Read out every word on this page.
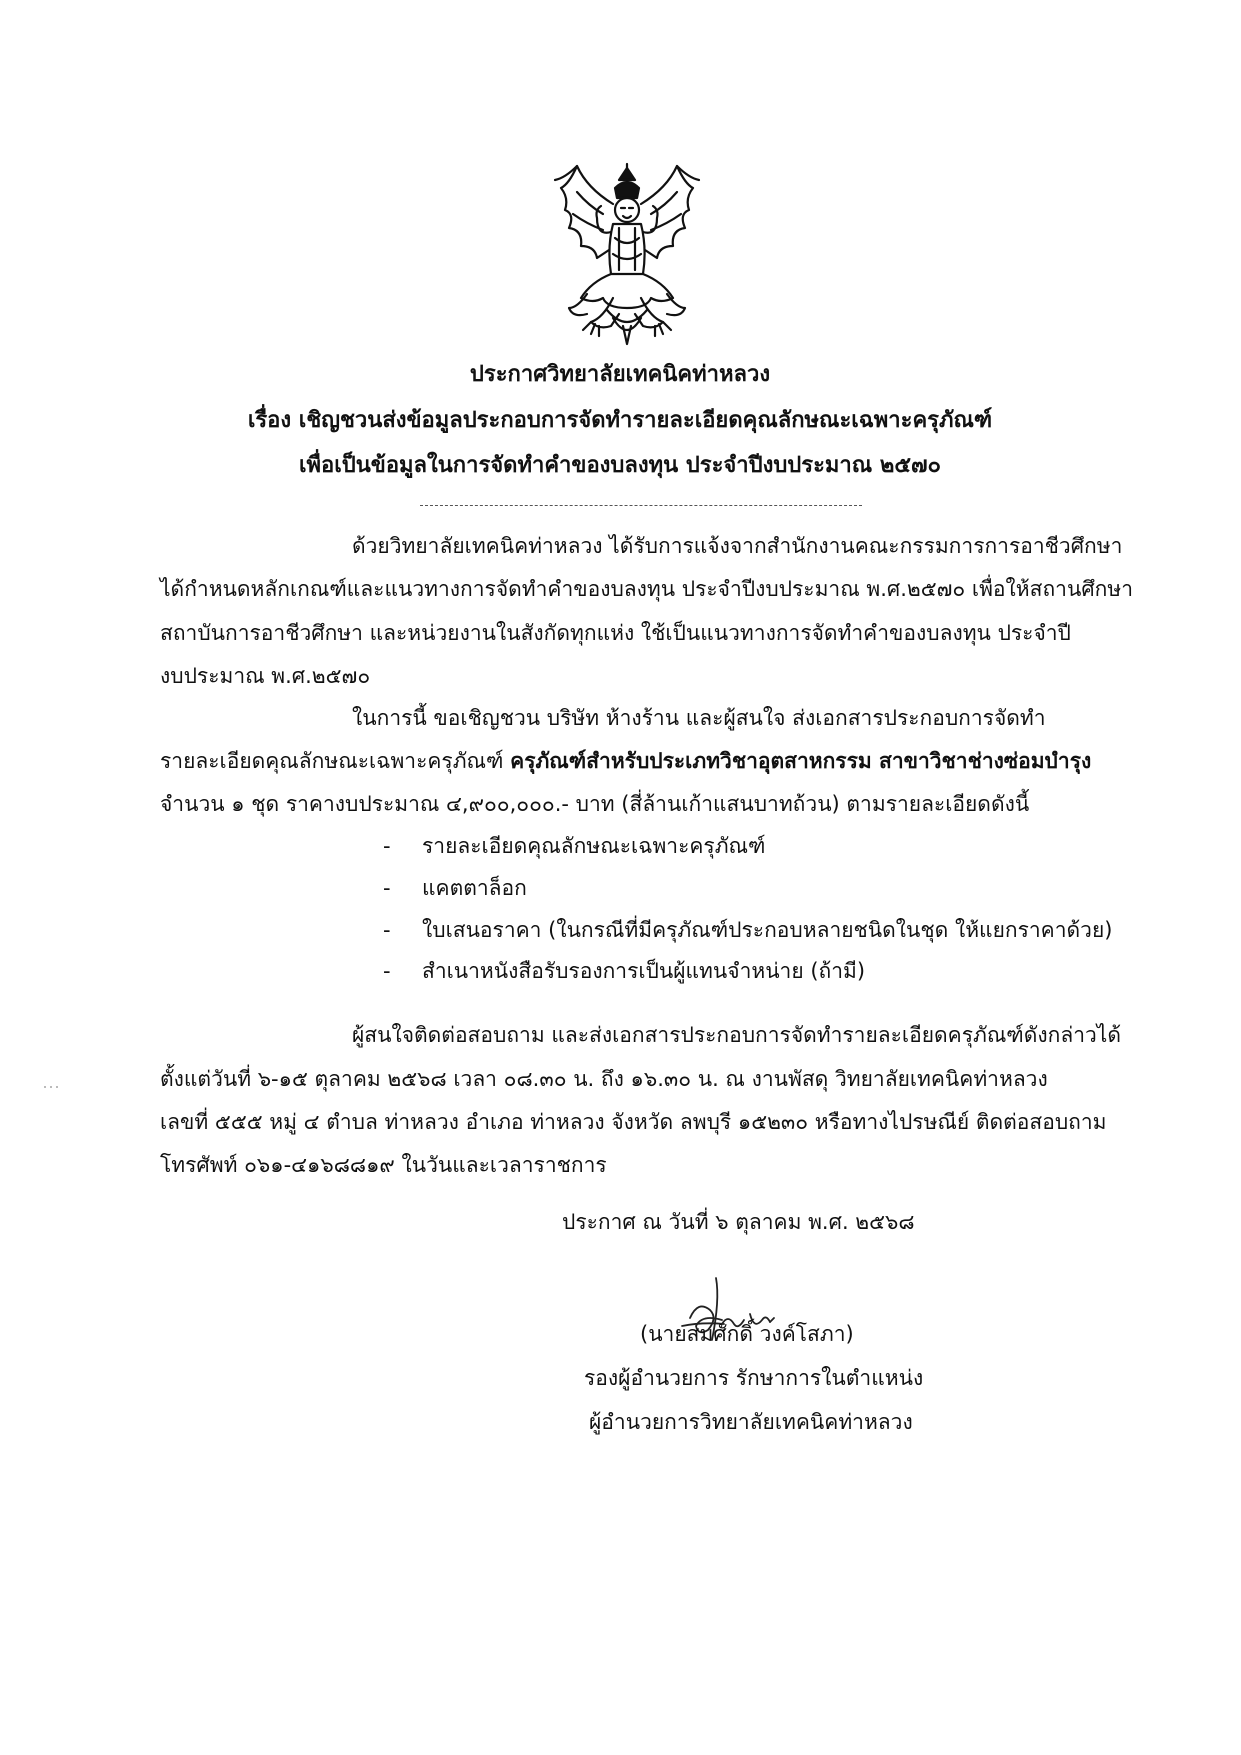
ประกาศวิทยาลัยเทคนิคท่าหลวง
เรื่อง เชิญชวนส่งข้อมูลประกอบการจัดทำรายละเอียดคุณลักษณะเฉพาะครุภัณฑ์
เพื่อเป็นข้อมูลในการจัดทำคำของบลงทุน ประจำปีงบประมาณ ๒๕๗๐
ด้วยวิทยาลัยเทคนิคท่าหลวง ได้รับการแจ้งจากสำนักงานคณะกรรมการการอาชีวศึกษา
ได้กำหนดหลักเกณฑ์และแนวทางการจัดทำคำของบลงทุน ประจำปีงบประมาณ พ.ศ.๒๕๗๐ เพื่อให้สถานศึกษา
สถาบันการอาชีวศึกษา และหน่วยงานในสังกัดทุกแห่ง ใช้เป็นแนวทางการจัดทำคำของบลงทุน ประจำปี
งบประมาณ พ.ศ.๒๕๗๐
ในการนี้ ขอเชิญชวน บริษัท ห้างร้าน และผู้สนใจ ส่งเอกสารประกอบการจัดทำ
รายละเอียดคุณลักษณะเฉพาะครุภัณฑ์ ครุภัณฑ์สำหรับประเภทวิชาอุตสาหกรรม สาขาวิชาช่างซ่อมบำรุง
จำนวน ๑ ชุด ราคางบประมาณ ๔,๙๐๐,๐๐๐.- บาท (สี่ล้านเก้าแสนบาทถ้วน) ตามรายละเอียดดังนี้
- รายละเอียดคุณลักษณะเฉพาะครุภัณฑ์
- แคตตาล็อก
- ใบเสนอราคา (ในกรณีที่มีครุภัณฑ์ประกอบหลายชนิดในชุด ให้แยกราคาด้วย)
- สำเนาหนังสือรับรองการเป็นผู้แทนจำหน่าย (ถ้ามี)
ผู้สนใจติดต่อสอบถาม และส่งเอกสารประกอบการจัดทำรายละเอียดครุภัณฑ์ดังกล่าวได้
ตั้งแต่วันที่ ๖-๑๕ ตุลาคม ๒๕๖๘ เวลา ๐๘.๓๐ น. ถึง ๑๖.๓๐ น. ณ งานพัสดุ วิทยาลัยเทคนิคท่าหลวง
เลขที่ ๕๕๕ หมู่ ๔ ตำบล ท่าหลวง อำเภอ ท่าหลวง จังหวัด ลพบุรี ๑๕๒๓๐ หรือทางไปรษณีย์ ติดต่อสอบถาม
โทรศัพท์ ๐๖๑-๔๑๖๘๘๑๙ ในวันและเวลาราชการ
ประกาศ ณ วันที่ ๖ ตุลาคม พ.ศ. ๒๕๖๘
(นายสมศักดิ์ วงค์โสภา)
รองผู้อำนวยการ รักษาการในตำแหน่ง
ผู้อำนวยการวิทยาลัยเทคนิคท่าหลวง
